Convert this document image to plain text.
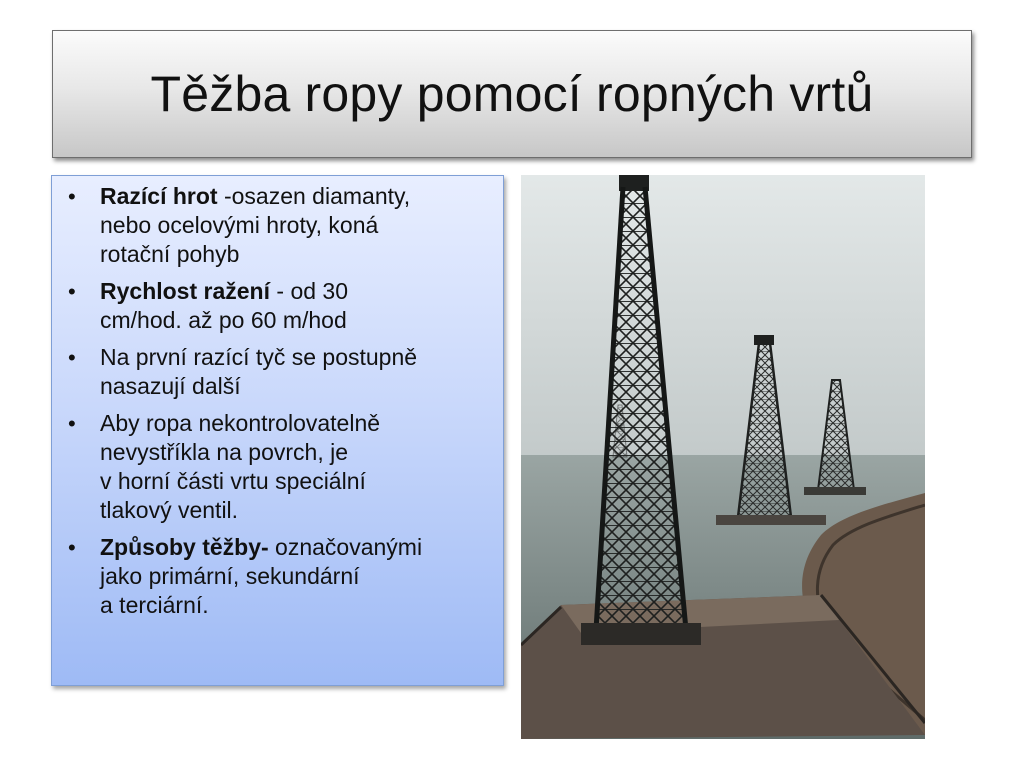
Těžba ropy pomocí ropných vrtů
• Razící hrot -osazen diamanty,
nebo ocelovými hroty, koná
rotační pohyb
• Rychlost ražení - od 30
cm/hod. až po 60 m/hod
• Na první razící tyč se postupně
nasazují další
• Aby ropa nekontrolovatelně
nevystříkla na povrch, je
v horní části vrtu speciální
tlakový ventil.
• Způsoby těžby- označovanými
jako primární, sekundární
a terciární.
